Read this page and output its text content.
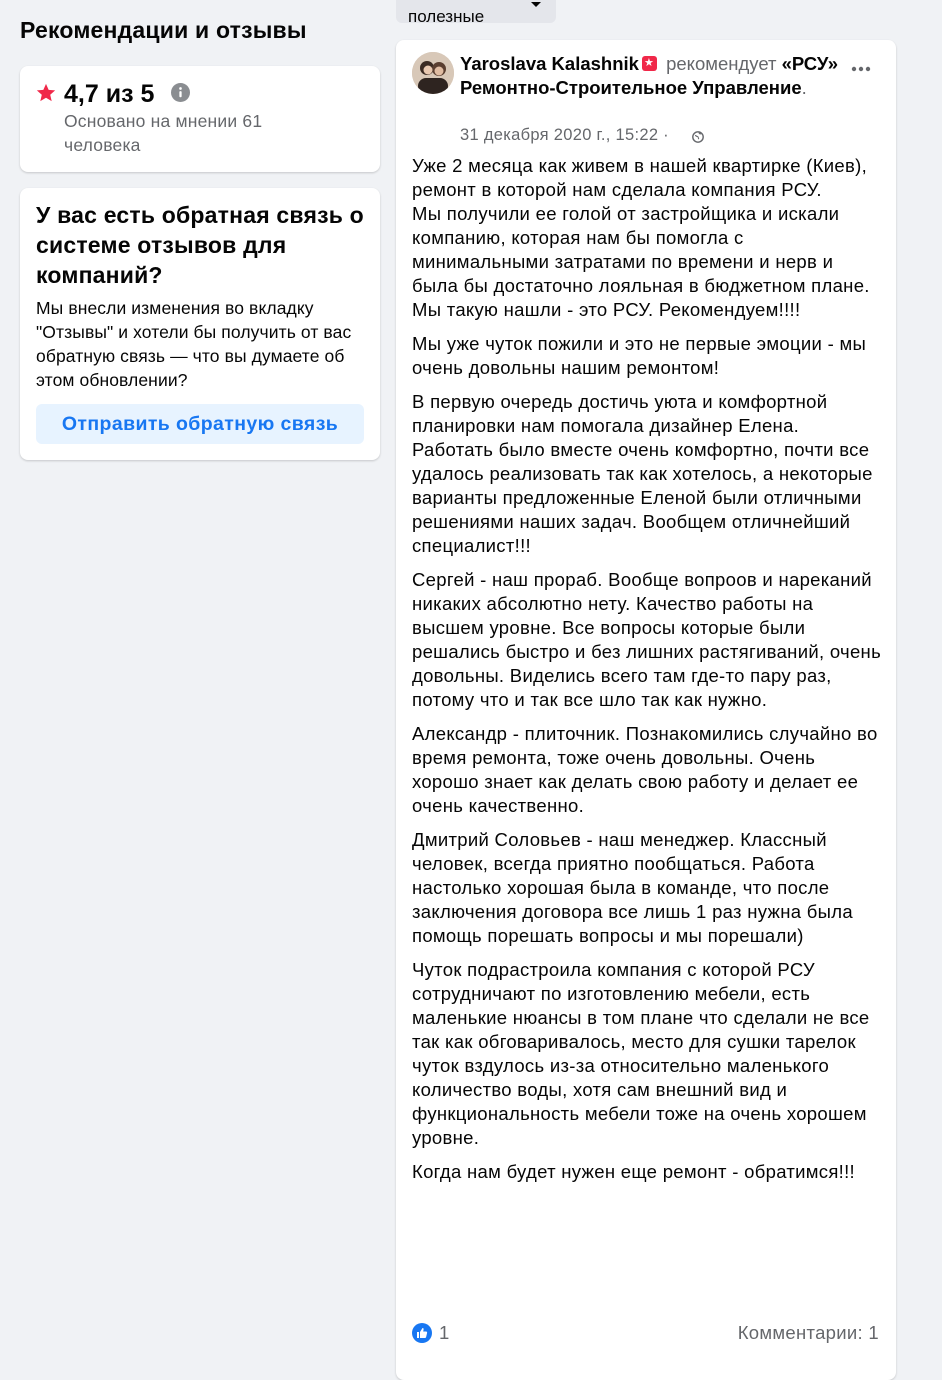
Рекомендации и отзывы
4,7 из 5
Основано на мнении 61 человека
У вас есть обратная связь о системе отзывов для компаний?
Мы внесли изменения во вкладку "Отзывы" и хотели бы получить от вас обратную связь — что вы думаете об этом обновлении?
Отправить обратную связь
полезные
Yaroslava Kalashnik★ рекомендует «РСУ» Ремонтно-Строительное Управление.
31 декабря 2020 г., 15:22 ·

Уже 2 месяца как живем в нашей квартирке (Киев), ремонт в которой нам сделала компания РСУ.
Мы получили ее голой от застройщика и искали компанию, которая нам бы помогла с минимальными затратами по времени и нерв и была бы достаточно лояльная в бюджетном плане. Мы такую нашли - это РСУ. Рекомендуем!!!!

Мы уже чуток пожили и это не первые эмоции - мы очень довольны нашим ремонтом!

В первую очередь достичь уюта и комфортной планировки нам помогала дизайнер Елена. Работать было вместе очень комфортно, почти все удалось реализовать так как хотелось, а некоторые варианты предложенные Еленой были отличными решениями наших задач. Вообщем отличнейший специалист!!!

Сергей - наш прораб. Вообще вопроов и нареканий никаких абсолютно нету. Качество работы на высшем уровне. Все вопросы которые были решались быстро и без лишних растягиваний, очень довольны. Виделись всего там где-то пару раз, потому что и так все шло так как нужно.

Александр - плиточник. Познакомились случайно во время ремонта, тоже очень довольны. Очень хорошо знает как делать свою работу и делает ее очень качественно.

Дмитрий Соловьев - наш менеджер. Классный человек, всегда приятно пообщаться. Работа настолько хорошая была в команде, что после заключения договора все лишь 1 раз нужна была помощь порешать вопросы и мы порешали)

Чуток подрастроила компания с которой РСУ сотрудничают по изготовлению мебели, есть маленькие нюансы в том плане что сделали не все так как обговаривалось, место для сушки тарелок чуток вздулось из-за относительно маленького количество воды, хотя сам внешний вид и функциональность мебели тоже на очень хорошем уровне.

Когда нам будет нужен еще ремонт - обратимся!!!

1	Комментарии: 1
